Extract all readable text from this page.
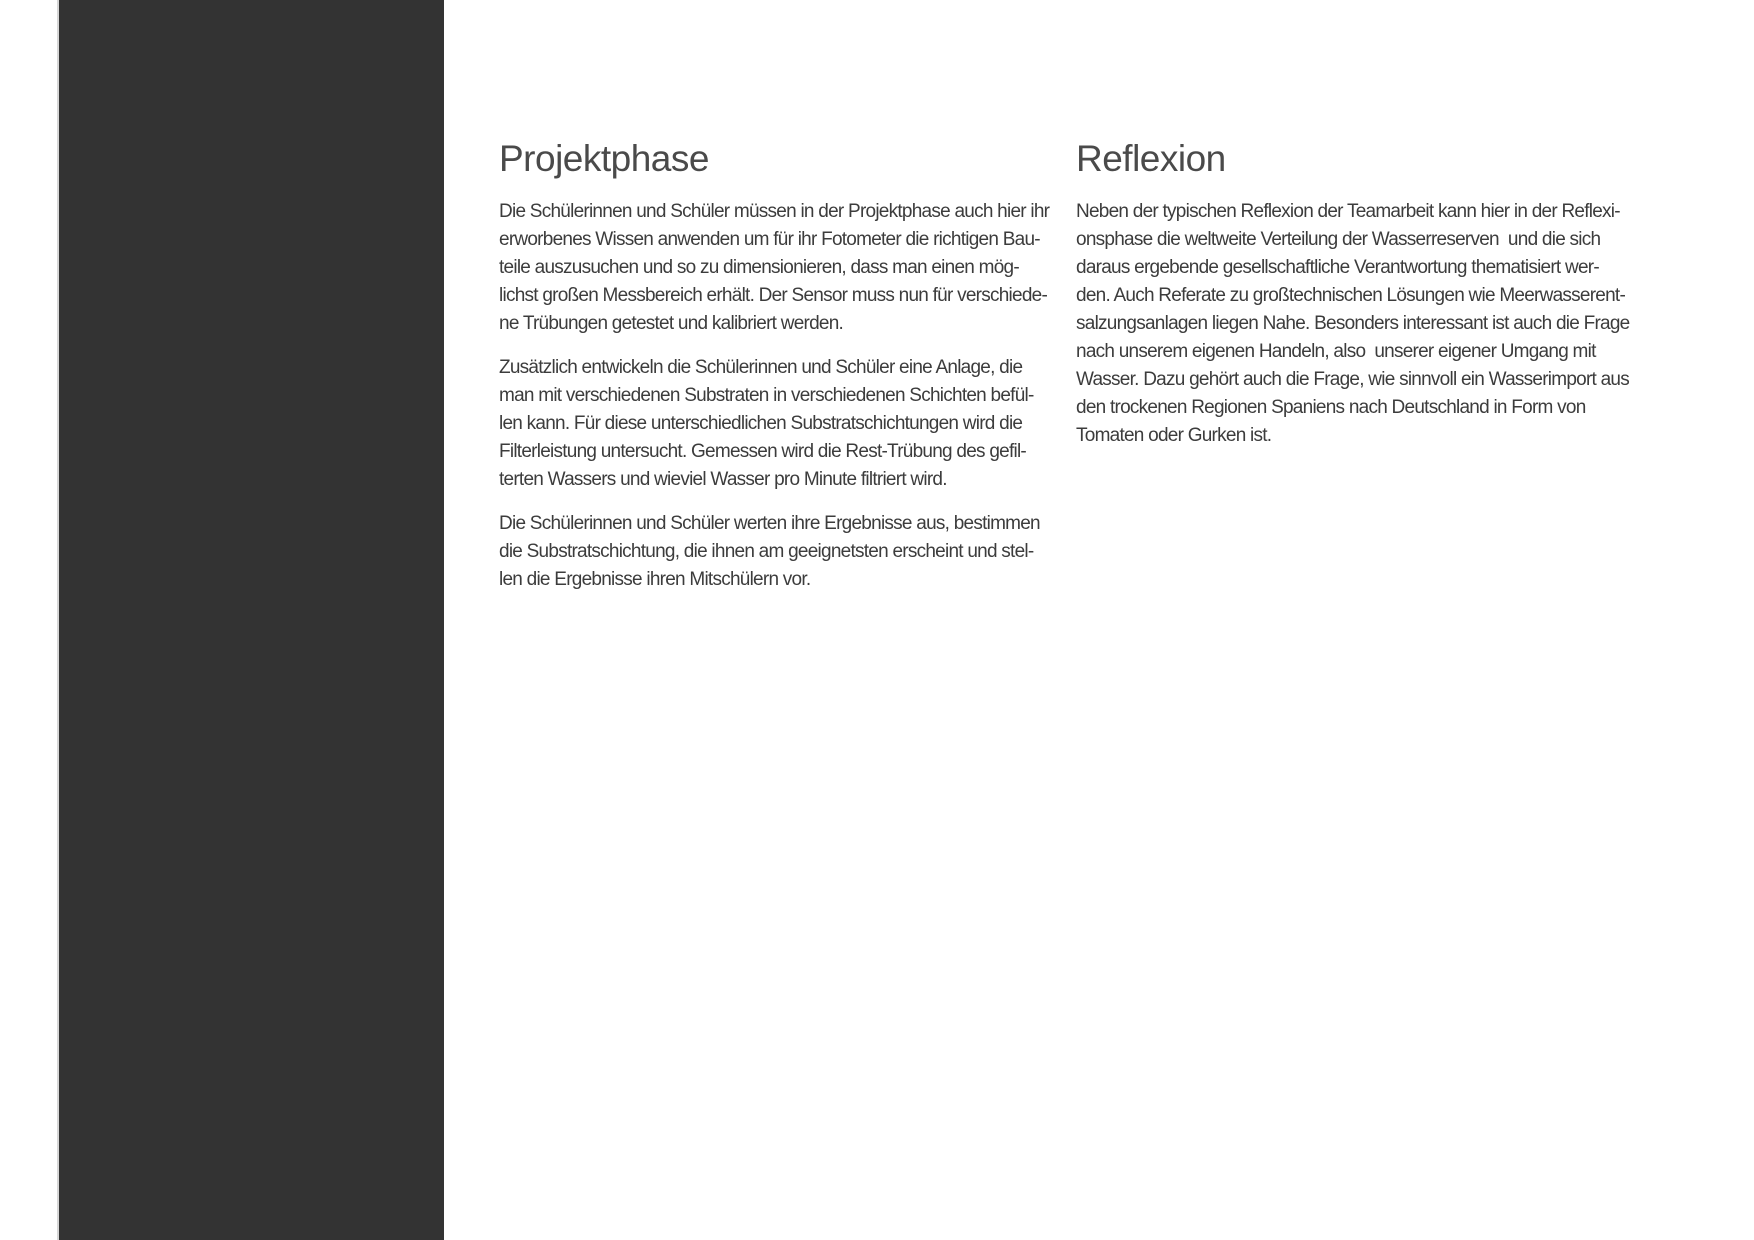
Projektphase
Die Schülerinnen und Schüler müssen in der Projektphase auch hier ihr
erworbenes Wissen anwenden um für ihr Fotometer die richtigen Bau-
teile auszusuchen und so zu dimensionieren, dass man einen mög-
lichst großen Messbereich erhält. Der Sensor muss nun für verschiede-
ne Trübungen getestet und kalibriert werden.
Zusätzlich entwickeln die Schülerinnen und Schüler eine Anlage, die
man mit verschiedenen Substraten in verschiedenen Schichten befül-
len kann. Für diese unterschiedlichen Substratschichtungen wird die
Filterleistung untersucht. Gemessen wird die Rest-Trübung des gefil-
terten Wassers und wieviel Wasser pro Minute filtriert wird.
Die Schülerinnen und Schüler werten ihre Ergebnisse aus, bestimmen
die Substratschichtung, die ihnen am geeignetsten erscheint und stel-
len die Ergebnisse ihren Mitschülern vor.
Reflexion
Neben der typischen Reflexion der Teamarbeit kann hier in der Reflexi-
onsphase die weltweite Verteilung der Wasserreserven  und die sich
daraus ergebende gesellschaftliche Verantwortung thematisiert wer-
den. Auch Referate zu großtechnischen Lösungen wie Meerwasserent-
salzungsanlagen liegen Nahe. Besonders interessant ist auch die Frage
nach unserem eigenen Handeln, also  unserer eigener Umgang mit
Wasser. Dazu gehört auch die Frage, wie sinnvoll ein Wasserimport aus
den trockenen Regionen Spaniens nach Deutschland in Form von
Tomaten oder Gurken ist.
